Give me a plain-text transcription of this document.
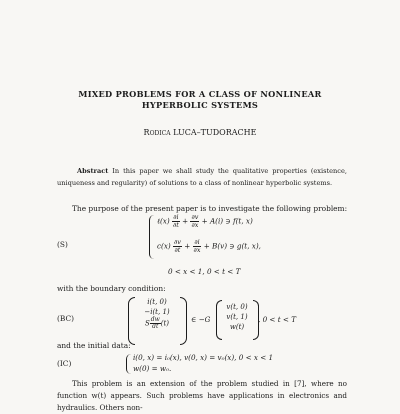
MIXED PROBLEMS FOR A CLASS OF NONLINEAR
HYPERBOLIC SYSTEMS
Rodica LUCA–TUDORACHE
Abstract In this paper we shall study the qualitative properties (existence, uniqueness and regularity) of solutions to a class of nonlinear hyperbolic systems.
The purpose of the present paper is to investigate the following problem:
(S)
ℓ(x) $\frac{\partial i}{\partial t} + \frac{\partial v}{\partial x} + A(i)$ ∋ f(t, x)
$c(x) \frac{\partial v}{\partial t} + \frac{\partial i}{\partial x} + B(v)$ ∋ g(t, x),
0 < x < 1, 0 < t < T
with the boundary condition:
(BC)
i(t, 0)
−i(t, 1)
S $\frac{dw}{dt} (t)$	∈ −G
v(t, 0)
v(t, 1)
w(t)
, 0 < t < T
and the initial data:
(IC)
i(0, x) = i₀(x), v(0, x) = v₀(x), 0 < x < 1
w(0) = w₀.
This problem is an extension of the problem studied in [7], where no function w(t) appears. Such problems have applications in electronics and hydraulics. Others non-
